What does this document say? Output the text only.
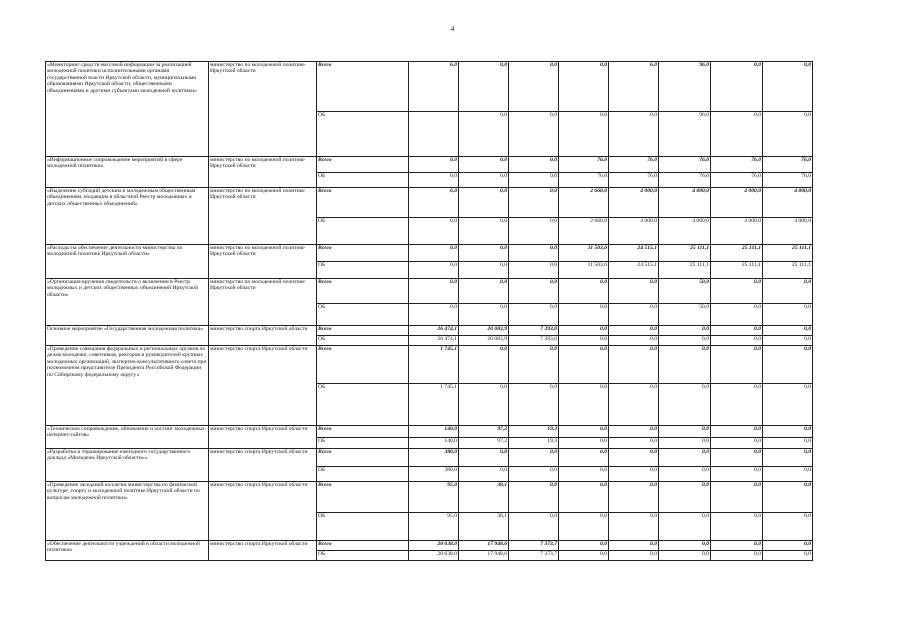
4
«Мониторинг средств массовой информации за реализацией молодежной политики исполнительными органами государственной власти Иркутской области, муниципальными образованиями Иркутской области, общественными объединениями и другими субъектами молодежной политики»	министерство по молодежной политике Иркутской области	Всего	6,0	0,0	0,0	0,0	6,0	96,0	0,0	0,0
		ОБ		0,0	0,0	0,0	0,0	96,0	0,0	0,0
«Информационное сопровождение мероприятий в сфере молодежной политики»	министерство по молодежной политике Иркутской области	Всего	0,0	0,0	0,0	76,0	76,0	76,0	76,0	76,0
		ОБ	0,0	0,0	0,0	76,0	76,0	76,0	76,0	76,0
«Выделение субсидий детским и молодежным общественным объединениям, входящим в областной Реестр молодежных и детских общественных объединений»	министерство по молодежной политике Иркутской области	Всего	6,0	0,0	0,0	2 660,0	4 000,0	4 000,0	4 000,0	4 000,0
		ОБ	0,0	0,0	0,0	2 660,0	4 000,0	4 000,0	4 000,0	4 000,0
«Расходы на обеспечение деятельности министерства по молодежной политике Иркутской области»	министерство по молодежной политике Иркутской области	Всего	0,0	0,0	0,0	11 503,6	24 515,1	25 111,1	25 111,1	25 111,1
		ОБ	0,0	0,0	0,0	11 503,6	24 515,1	25 111,1	25 111,1	25 111,1
«Организация вручения свидетельств о включении в Реестр молодежных и детских общественных объединений Иркутской области»	министерство по молодежной политике Иркутской области	Всего	0,0	0,0	0,0	0,0	0,0	50,0	0,0	0,0
		ОБ	0,0	0,0	0,0	0,0	0,0	50,0	0,0	0,0
Основное мероприятие «Государственная молодежная политика»	министерство спорта Иркутской области	Всего	26 474,1	20 083,9	7 393,0	0,0	0,0	0,0	0,0	0,0
		ОБ	26 474,1	20 083,9	7 393,0	0,0	0,0	0,0	0,0	0,0
«Проведение совещания федеральных и региональных органов по делам молодежи, советников, ректоров и руководителей крупных молодежных организаций, экспертно-консультативного совета при полномочном представителе Президента Российской Федерации по Сибирскому федеральному округу»	министерство спорта Иркутской области	Всего	1 745,1	0,0	0,0	0,0	0,0	0,0	0,0	0,0
		ОБ	1 745,1	0,0	0,0	0,0	0,0	0,0	0,0	0,0
«Техническое сопровождение, обновление и хостинг молодежных интернет-сайтов»	министерство спорта Иркутской области	Всего	140,0	97,2	19,3	0,0	0,0	0,0	0,0	0,0
		ОБ	140,0	97,2	19,3	0,0	0,0	0,0	0,0	0,0
«Разработка и тиражирование ежегодного государственного доклада «Молодежь Иркутской области»»	министерство спорта Иркутской области	Всего	380,0	0,0	0,0	0,0	0,0	0,0	0,0	0,0
		ОБ	380,0	0,0	0,0	0,0	0,0	0,0	0,0	0,0
«Проведение заседаний коллегии министерства по физической культуре, спорту и молодежной политике Иркутской области по вопросам молодежной политики»	министерство спорта Иркутской области	Всего	95,0	38,1	0,0	0,0	0,0	0,0	0,0	0,0
		ОБ	95,0	38,1	0,0	0,0	0,0	0,0	0,0	0,0
«Обеспечение деятельности учреждений в области молодежной политики»	министерство спорта Иркутской области	Всего	20 638,0	17 948,6	7 373,7	0,0	0,0	0,0	0,0	0,0
		ОБ	20 638,0	17 948,6	7 373,7	0,0	0,0	0,0	0,0	0,0
